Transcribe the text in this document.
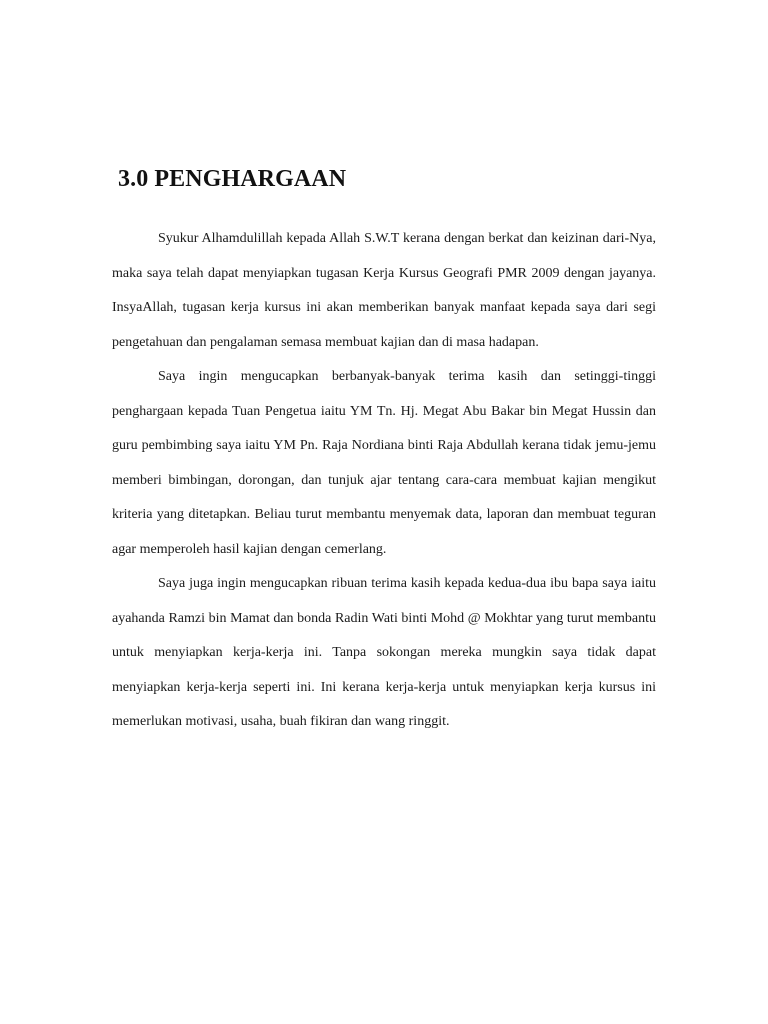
3.0 PENGHARGAAN

Syukur Alhamdulillah kepada Allah S.W.T kerana dengan berkat dan keizinan dari-Nya, maka saya telah dapat menyiapkan tugasan Kerja Kursus Geografi PMR 2009 dengan jayanya. InsyaAllah, tugasan kerja kursus ini akan memberikan banyak manfaat kepada saya dari segi pengetahuan dan pengalaman semasa membuat kajian dan di masa hadapan.

Saya ingin mengucapkan berbanyak-banyak terima kasih dan setinggi-tinggi penghargaan kepada Tuan Pengetua iaitu YM Tn. Hj. Megat Abu Bakar bin Megat Hussin dan guru pembimbing saya iaitu YM Pn. Raja Nordiana binti Raja Abdullah kerana tidak jemu-jemu memberi bimbingan, dorongan, dan tunjuk ajar tentang cara-cara membuat kajian mengikut kriteria yang ditetapkan. Beliau turut membantu menyemak data, laporan dan membuat teguran agar memperoleh hasil kajian dengan cemerlang.

Saya juga ingin mengucapkan ribuan terima kasih kepada kedua-dua ibu bapa saya iaitu ayahanda Ramzi bin Mamat dan bonda Radin Wati binti Mohd @ Mokhtar yang turut membantu untuk menyiapkan kerja-kerja ini. Tanpa sokongan mereka mungkin saya tidak dapat menyiapkan kerja-kerja seperti ini. Ini kerana kerja-kerja untuk menyiapkan kerja kursus ini memerlukan motivasi, usaha, buah fikiran dan wang ringgit.
